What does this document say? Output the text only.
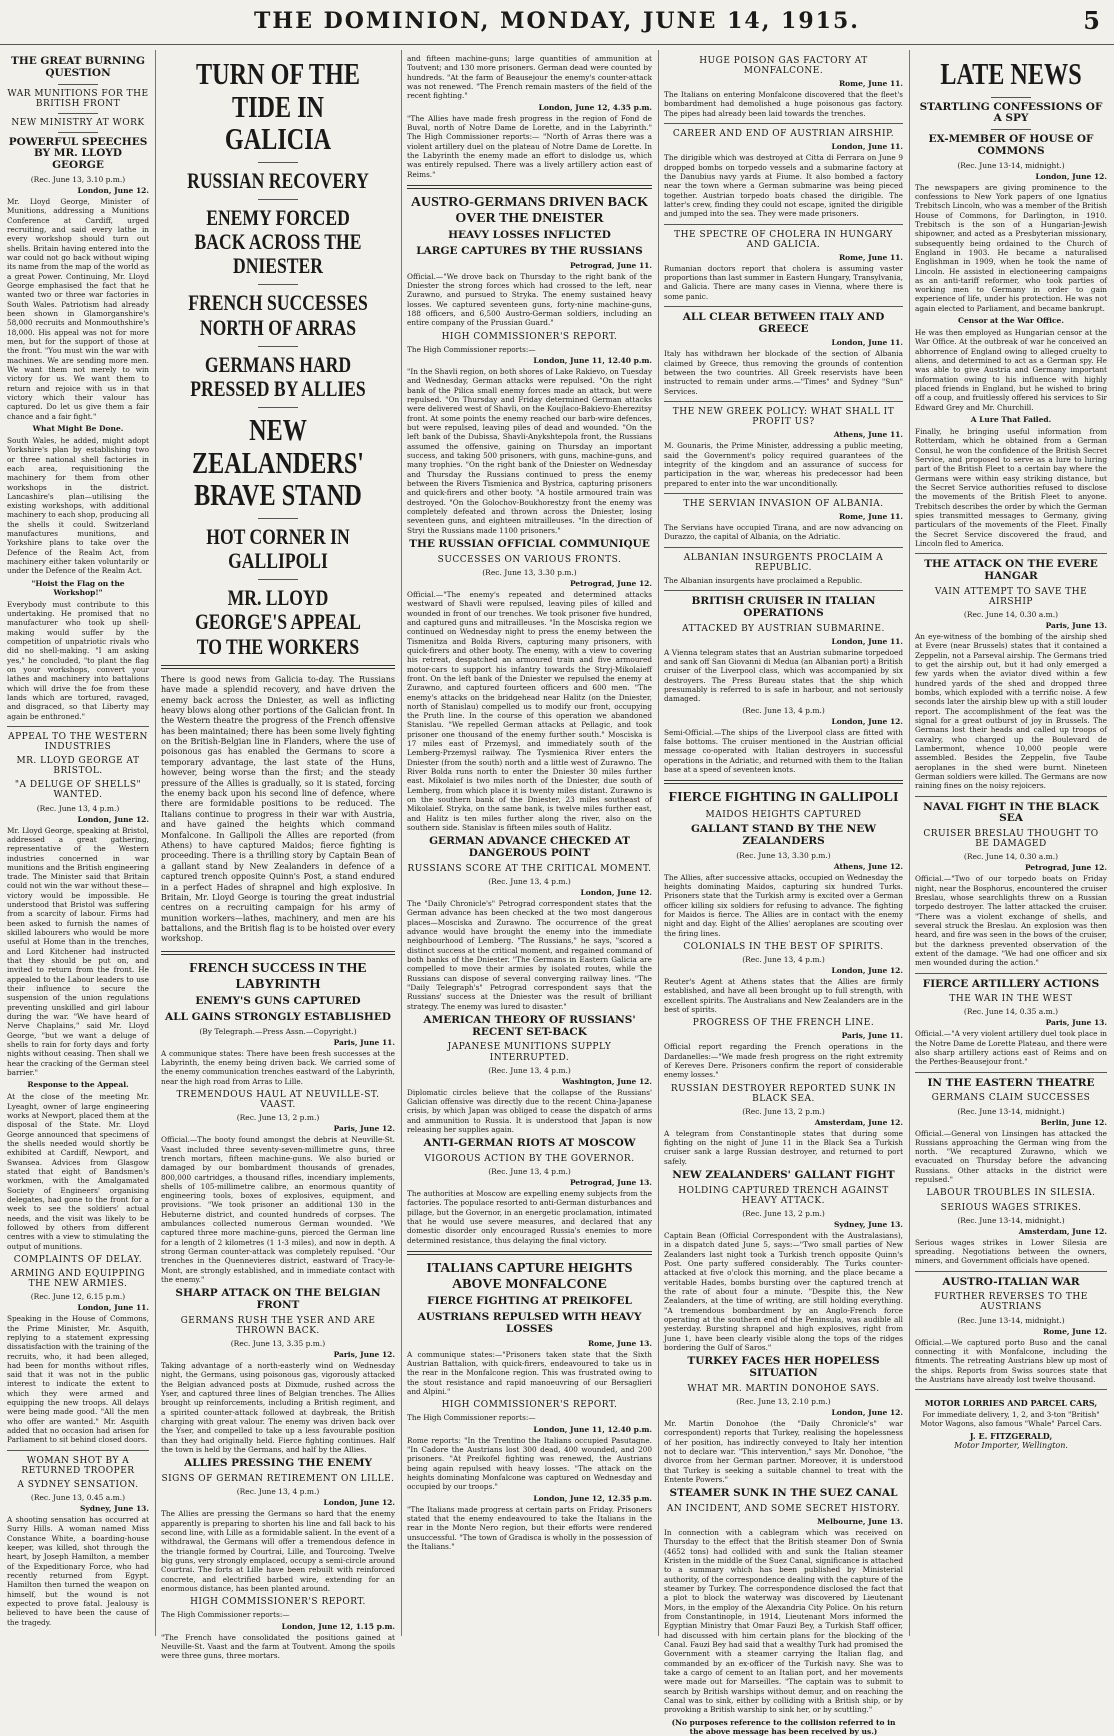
THE DOMINION, MONDAY, JUNE 14, 1915.	5
THE GREAT BURNING QUESTION
WAR MUNITIONS FOR THE BRITISH FRONT
NEW MINISTRY AT WORK
POWERFUL SPEECHES BY MR. LLOYD GEORGE
(Rec. June 13, 3.10 p.m.)
London, June 12.

Mr. Lloyd George, Minister of Munitions, addressing a Munitions Conference at Cardiff, urged recruiting, and said every lathe in every workshop should turn out shells. Britain having entered into the war could not go back without wiping its name from the map of the world as a great Power. Continuing, Mr. Lloyd George emphasised the fact that he wanted two or three war factories in South Wales. Patriotism had already been shown in Glamorganshire's 58,000 recruits and Monmouthshire's 18,000. His appeal was not for more men, but for the support of those at the front. "You must win the war with machines. We are sending more men. We want them not merely to win victory for us. We want them to return and rejoice with us in that victory which their valour has captured. Do let us give them a fair chance and a fair fight."

What Might Be Done.

South Wales, he added, might adopt Yorkshire's plan by establishing two or three national shell factories in each area, requisitioning the machinery for them from other workshops in the district. Lancashire's plan—utilising the existing workshops, with additional machinery to each shop, producing all the shells it could. Switzerland manufactures munitions, and Yorkshire plans to take over the Defence of the Realm Act, from machinery either taken voluntarily or under the Defence of the Realm Act.

"Hoist the Flag on the Workshop!"

Everybody must contribute to this undertaking. He promised that no manufacturer who took up shell-making would suffer by the competition of unpatriotic rivals who did no shell-making. "I am asking yes," he concluded, "to plant the flag on your workshops, convert your lathes and machinery into battalions which will drive the foe from these lands which are tortured, ravaged, and disgraced, so that Liberty may again be enthroned."

APPEAL TO THE WESTERN INDUSTRIES
MR. LLOYD GEORGE AT BRISTOL.
"A DELUGE OF SHELLS" WANTED.
(Rec. June 13, 4 p.m.)
London, June 12.

Mr. Lloyd George, speaking at Bristol, addressed a great gathering, representative of the Western industries concerned in war munitions and the British engineering trade. The Minister said that Britain could not win the war without these—victory would be impossible. He understood that Bristol was suffering from a scarcity of labour. Firms had been asked to furnish the names of skilled labourers who would be more useful at Home than in the trenches, and Lord Kitchener had instructed that they should be put on, and invited to return from the front. He appealed to the Labour leaders to use their influence to secure the suspension of the union regulations preventing unskilled and girl labour during the war. "We have heard of Nerve Chaplains," said Mr. Lloyd George, "but we want a deluge of shells to rain for forty days and forty nights without ceasing. Then shall we hear the cracking of the German steel barrier."

Response to the Appeal.

At the close of the meeting Mr. Lyeaght, owner of large engineering works at Newport, placed them at the disposal of the State. Mr. Lloyd George announced that specimens of the shells needed would shortly be exhibited at Cardiff, Newport, and Swansea. Advices from Glasgow stated that eight of Bandsmen's workmen, with the Amalgamated Society of Engineers' organising delegates, had gone to the front for a week to see the soldiers' actual needs, and the visit was likely to be followed by others from different centres with a view to stimulating the output of munitions.

COMPLAINTS OF DELAY.
ARMING AND EQUIPPING THE NEW ARMIES.
(Rec. June 12, 6.15 p.m.)
London, June 11.

Speaking in the House of Commons, the Prime Minister, Mr. Asquith, replying to a statement expressing dissatisfaction with the training of the recruits, who, it had been alleged, had been for months without rifles, said that it was not in the public interest to indicate the extent to which they were armed and equipping the new troops. All delays were being made good. "All the men who offer are wanted." Mr. Asquith added that no occasion had arisen for Parliament to sit behind closed doors.

WOMAN SHOT BY A RETURNED TROOPER
A SYDNEY SENSATION.
(Rec. June 13, 0.45 a.m.)
Sydney, June 13.

A shooting sensation has occurred at Surry Hills. A woman named Miss Constance White, a boarding-house keeper, was killed, shot through the heart, by Joseph Hamilton, a member of the Expeditionary Force, who had recently returned from Egypt. Hamilton then turned the weapon on himself, but the wound is not expected to prove fatal. Jealousy is believed to have been the cause of the tragedy.

TURN OF THE TIDE IN GALICIA
RUSSIAN RECOVERY
ENEMY FORCED BACK ACROSS THE DNIESTER
FRENCH SUCCESSES NORTH OF ARRAS
GERMANS HARD PRESSED BY ALLIES
NEW ZEALANDERS' BRAVE STAND
HOT CORNER IN GALLIPOLI
MR. LLOYD GEORGE'S APPEAL TO THE WORKERS

There is good news from Galicia to-day. The Russians have made a splendid recovery, and have driven the enemy back across the Dniester, as well as inflicting heavy blows along other portions of the Galician front. In the Western theatre the progress of the French offensive has been maintained; there has been some lively fighting on the British-Belgian line in Flanders, where the use of poisonous gas has enabled the Germans to score a temporary advantage, the last state of the Huns, however, being worse than the first; and the steady pressure of the Allies is gradually, so it is stated, forcing the enemy back upon his second line of defence, where there are formidable positions to be reduced. The Italians continue to progress in their war with Austria, and have gained the heights which command Monfalcone. In Gallipoli the Allies are reported (from Athens) to have captured Maidos; fierce fighting is proceeding. There is a thrilling story by Captain Bean of a gallant stand by New Zealanders in defence of a captured trench opposite Quinn's Post, a stand endured in a perfect Hades of shrapnel and high explosive. In Britain, Mr. Lloyd George is touring the great industrial centres on a recruiting campaign for his army of munition workers—lathes, machinery, and men are his battalions, and the British flag is to be hoisted over every workshop.

FRENCH SUCCESS IN THE LABYRINTH
ENEMY'S GUNS CAPTURED
ALL GAINS STRONGLY ESTABLISHED
(By Telegraph.—Press Assn.—Copyright.)
Paris, June 11.

A communique states: There have been fresh successes at the Labyrinth, the enemy being driven back. We carried some of the enemy communication trenches eastward of the Labyrinth, near the high road from Arras to Lille.

TREMENDOUS HAUL AT NEUVILLE-ST. VAAST.
(Rec. June 13, 2 p.m.)
Paris, June 12.

Official.—The booty found amongst the debris at Neuville-St. Vaast included three seventy-seven-millimetre guns, three trench mortars, fifteen machine-guns. We also buried or damaged by our bombardment thousands of grenades, 800,000 cartridges, a thousand rifles, incendiary implements, shells of 105-millimetre calibre, an enormous quantity of engineering tools, boxes of explosives, equipment, and provisions. "We took prisoner an additional 130 in the Hebuterne district, and counted hundreds of corpses. The ambulances collected numerous German wounded. "We captured three more machine-guns, pierced the German line for a length of 2 kilometres (1 1-3 miles), and now in depth. A strong German counter-attack was completely repulsed. "Our trenches in the Quennevieres district, eastward of Tracy-le-Mont, are strongly established, and in immediate contact with the enemy."

SHARP ATTACK ON THE BELGIAN FRONT
GERMANS RUSH THE YSER AND ARE THROWN BACK.
(Rec. June 13, 3.35 p.m.)
Paris, June 12.

Taking advantage of a north-easterly wind on Wednesday night, the Germans, using poisonous gas, vigorously attacked the Belgian advanced posts at Dixmude, rushed across the Yser, and captured three lines of Belgian trenches. The Allies brought up reinforcements, including a British regiment, and a spirited counter-attack followed at daybreak, the British charging with great valour. The enemy was driven back over the Yser, and compelled to take up a less favourable position than they had originally held. Fierce fighting continues. Half the town is held by the Germans, and half by the Allies.

ALLIES PRESSING THE ENEMY
SIGNS OF GERMAN RETIREMENT ON LILLE.
(Rec. June 13, 4 p.m.)
London, June 12.

The Allies are pressing the Germans so hard that the enemy apparently is preparing to shorten his line and fall back to his second line, with Lille as a formidable salient. In the event of a withdrawal, the Germans will offer a tremendous defence in the triangle formed by Courtrai, Lille, and Tourcoing. Twelve big guns, very strongly emplaced, occupy a semi-circle around Courtrai. The forts at Lille have been rebuilt with reinforced concrete, and electrified barbed wire, extending for an enormous distance, has been planted around.

HIGH COMMISSIONER'S REPORT.

The High Commissioner reports:—

London, June 12, 1.15 p.m.

"The French have consolidated the positions gained at Neuville-St. Vaast and the farm at Toutvent. Among the spoils were three guns, three mortars.

and fifteen machine-guns; large quantities of ammunition at Toutvent; and 130 more prisoners. German dead were counted by hundreds. "At the farm of Beausejour the enemy's counter-attack was not renewed. "The French remain masters of the field of the recent fighting."

London, June 12, 4.35 p.m.

"The Allies have made fresh progress in the region of Fond de Buval, north of Notre Dame de Lorette, and in the Labyrinth." The High Commissioner reports:— "North of Arras there was a violent artillery duel on the plateau of Notre Dame de Lorette. In the Labyrinth the enemy made an effort to dislodge us, which was entirely repulsed. There was a lively artillery action east of Reims."

AUSTRO-GERMANS DRIVEN BACK OVER THE DNEISTER
HEAVY LOSSES INFLICTED
LARGE CAPTURES BY THE RUSSIANS
Petrograd, June 11.

Official.—"We drove back on Thursday to the right bank of the Dniester the strong forces which had crossed to the left, near Zurawno, and pursued to Stryka. The enemy sustained heavy losses. We captured seventeen guns, forty-nine machine-guns, 188 officers, and 6,500 Austro-German soldiers, including an entire company of the Prussian Guard."

HIGH COMMISSIONER'S REPORT.

The High Commissioner reports:—

London, June 11, 12.40 p.m.

"In the Shavli region, on both shores of Lake Rakievo, on Tuesday and Wednesday, German attacks were repulsed. "On the right bank of the Pilica small enemy forces made an attack, but were repulsed. "On Thursday and Friday determined German attacks were delivered west of Shavli, on the Koujlaco-Bakievo-Eherezitsy front. At some points the enemy reached our barb-wire defences, but were repulsed, leaving piles of dead and wounded. "On the left bank of the Dubissa, Shavli-Anykshtepola front, the Russians assumed the offensive, gaining on Thursday an important success, and taking 500 prisoners, with guns, machine-guns, and many trophies. "On the right bank of the Dniester on Wednesday and Thursday the Russians continued to press the enemy between the Rivers Tismienica and Bystrica, capturing prisoners and quick-firers and other booty. "A hostile armoured train was destroyed. "On the Golochov-Boukhorestzy front the enemy was completely defeated and thrown across the Dniester, losing seventeen guns, and eighteen mitrailleuses. "In the direction of Stryi the Russians made 1100 prisoners."

THE RUSSIAN OFFICIAL COMMUNIQUE
SUCCESSES ON VARIOUS FRONTS.
(Rec. June 13, 3.30 p.m.)
Petrograd, June 12.

Official.—"The enemy's repeated and determined attacks westward of Shavli were repulsed, leaving piles of killed and wounded in front of our trenches. We took prisoner five hundred, and captured guns and mitrailleuses. "In the Mosciska region we continued on Wednesday night to press the enemy between the Tismenitza and Bolda Rivers, capturing many prisoners, with quick-firers and other booty. The enemy, with a view to covering his retreat, despatched an armoured train and five armoured motor-cars to support his infantry towards the Stryj-Mikolaieff front. On the left bank of the Dniester we repulsed the enemy at Zurawno, and captured fourteen officers and 600 men. "The enemy's attacks on the bridgehead near Halitz (on the Dniester, north of Stanislau) compelled us to modify our front, occupying the Pruth line. In the course of this operation we abandoned Stanislau. "We repelled German attacks at Pellagic, and took prisoner one thousand of the enemy further south." Mosciska is 17 miles east of Przemysl, and immediately south of the Lemberg-Przemysl railway. The Tysmienica River enters the Dniester (from the south) north and a little west of Zurawno. The River Bolda runs north to enter the Dniester 30 miles further east. Mikolaief is two miles north of the Dniester, due south of Lemberg, from which place it is twenty miles distant. Zurawno is on the southern bank of the Dniester, 23 miles southeast of Mikolaief. Stryka, on the same bank, is twelve miles further east, and Halitz is ten miles further along the river, also on the southern side. Stanislav is fifteen miles south of Halitz.

GERMAN ADVANCE CHECKED AT DANGEROUS POINT
RUSSIANS SCORE AT THE CRITICAL MOMENT.
(Rec. June 13, 4 p.m.)
London, June 12.

The "Daily Chronicle's" Petrograd correspondent states that the German advance has been checked at the two most dangerous places—Mosciska and Zurawno. The occurrence of the great advance would have brought the enemy into the immediate neighbourhood of Lemberg. "The Russians," he says, "scored a distinct success at the critical moment, and regained command of both banks of the Dniester. "The Germans in Eastern Galicia are compelled to move their armies by isolated routes, while the Russians can dispose of several converging railway lines. "The "Daily Telegraph's" Petrograd correspondent says that the Russians' success at the Dniester was the result of brilliant strategy. The enemy was lured to disaster."

AMERICAN THEORY OF RUSSIANS' RECENT SET-BACK
JAPANESE MUNITIONS SUPPLY INTERRUPTED.
(Rec. June 13, 4 p.m.)
Washington, June 12.

Diplomatic circles believe that the collapse of the Russians' Galician offensive was directly due to the recent China-Japanese crisis, by which Japan was obliged to cease the dispatch of arms and ammunition to Russia. It is understood that Japan is now releasing her supplies again.

ANTI-GERMAN RIOTS AT MOSCOW
VIGOROUS ACTION BY THE GOVERNOR.
(Rec. June 13, 4 p.m.)
Petrograd, June 13.

The authorities at Moscow are expelling enemy subjects from the factories. The populace resorted to anti-German disturbances and pillage, but the Governor, in an energetic proclamation, intimated that he would use severe measures, and declared that any domestic disorder only encouraged Russia's enemies to more determined resistance, thus delaying the final victory.

ITALIANS CAPTURE HEIGHTS ABOVE MONFALCONE
FIERCE FIGHTING AT PREIKOFEL
AUSTRIANS REPULSED WITH HEAVY LOSSES
Rome, June 13.

A communique states:—"Prisoners taken state that the Sixth Austrian Battalion, with quick-firers, endeavoured to take us in the rear in the Monfalcone region. This was frustrated owing to the stout resistance and rapid manoeuvring of our Bersaglieri and Alpini."

HIGH COMMISSIONER'S REPORT.

The High Commissioner reports:—

London, June 11, 12.40 p.m.

Rome reports: "In the Trentino the Italians occupied Pasutagne. "In Cadore the Austrians lost 300 dead, 400 wounded, and 200 prisoners. "At Preikofel fighting was renewed, the Austrians being again repulsed with heavy losses. "The attack on the heights dominating Monfalcone was captured on Wednesday and occupied by our troops."

London, June 12, 12.35 p.m.

"The Italians made progress at certain parts on Friday. Prisoners stated that the enemy endeavoured to take the Italians in the rear in the Monte Nero region, but their efforts were rendered unsuccessful. "The town of Gradisca is wholly in the possession of the Italians."

HUGE POISON GAS FACTORY AT MONFALCONE.
Rome, June 11.

The Italians on entering Monfalcone discovered that the fleet's bombardment had demolished a huge poisonous gas factory. The pipes had already been laid towards the trenches.

CAREER AND END OF AUSTRIAN AIRSHIP.
London, June 11.

The dirigible which was destroyed at Citta di Ferrara on June 9 dropped bombs on torpedo vessels and a submarine factory at the Danubius navy yards at Fiume. It also bombed a factory near the town where a German submarine was being pieced together. Austrian torpedo boats chased the dirigible. The latter's crew, finding they could not escape, ignited the dirigible and jumped into the sea. They were made prisoners.

THE SPECTRE OF CHOLERA IN HUNGARY AND GALICIA.
Rome, June 11.

Rumanian doctors report that cholera is assuming vaster proportions than last summer in Eastern Hungary, Transylvania, and Galicia. There are many cases in Vienna, where there is some panic.

ALL CLEAR BETWEEN ITALY AND GREECE
London, June 11.

Italy has withdrawn her blockade of the section of Albania claimed by Greece, thus removing the grounds of contention between the two countries. All Greek reservists have been instructed to remain under arms.—"Times" and Sydney "Sun" Services.

THE NEW GREEK POLICY: WHAT SHALL IT PROFIT US?
Athens, June 11.

M. Gounaris, the Prime Minister, addressing a public meeting, said the Government's policy required guarantees of the integrity of the kingdom and an assurance of success for participation in the war, whereas his predecessor had been prepared to enter into the war unconditionally.

THE SERVIAN INVASION OF ALBANIA.
Rome, June 11.

The Servians have occupied Tirana, and are now advancing on Durazzo, the capital of Albania, on the Adriatic.

ALBANIAN INSURGENTS PROCLAIM A REPUBLIC.

The Albanian insurgents have proclaimed a Republic.

BRITISH CRUISER IN ITALIAN OPERATIONS
ATTACKED BY AUSTRIAN SUBMARINE.
London, June 11.

A Vienna telegram states that an Austrian submarine torpedoed and sank off San Giovanni di Medua (an Albanian port) a British cruiser of the Liverpool class, which was accompanied by six destroyers. The Press Bureau states that the ship which presumably is referred to is safe in harbour, and not seriously damaged.

(Rec. June 13, 4 p.m.)
London, June 12.

Semi-Official.—The ships of the Liverpool class are fitted with false bottoms. The cruiser mentioned in the Austrian official message co-operated with Italian destroyers in successful operations in the Adriatic, and returned with them to the Italian base at a speed of seventeen knots.

FIERCE FIGHTING IN GALLIPOLI
MAIDOS HEIGHTS CAPTURED
GALLANT STAND BY THE NEW ZEALANDERS
(Rec. June 13, 3.30 p.m.)
Athens, June 12.

The Allies, after successive attacks, occupied on Wednesday the heights dominating Maidos, capturing six hundred Turks. Prisoners state that the Turkish army is excited over a German officer killing six soldiers for refusing to advance. The fighting for Maidos is fierce. The Allies are in contact with the enemy night and day. Eight of the Allies' aeroplanes are scouting over the firing lines.

COLONIALS IN THE BEST OF SPIRITS.
(Rec. June 13, 4 p.m.)
London, June 12.

Reuter's Agent at Athens states that the Allies are firmly established, and have all been brought up to full strength, with excellent spirits. The Australians and New Zealanders are in the best of spirits.

PROGRESS OF THE FRENCH LINE.
Paris, June 11.

Official report regarding the French operations in the Dardanelles:—"We made fresh progress on the right extremity of Kereves Dere. Prisoners confirm the report of considerable enemy losses."

RUSSIAN DESTROYER REPORTED SUNK IN BLACK SEA.
(Rec. June 13, 2 p.m.)
Amsterdam, June 12.

A telegram from Constantinople states that during some fighting on the night of June 11 in the Black Sea a Turkish cruiser sank a large Russian destroyer, and returned to port safely.

NEW ZEALANDERS' GALLANT FIGHT
HOLDING CAPTURED TRENCH AGAINST HEAVY ATTACK.
(Rec. June 13, 2 p.m.)
Sydney, June 13.

Captain Bean (Official Correspondent with the Australasians), in a dispatch dated June 5, says:—"Two small parties of New Zealanders last night took a Turkish trench opposite Quinn's Post. One party suffered considerably. The Turks counter-attacked at five o'clock this morning, and the place became a veritable Hades, bombs bursting over the captured trench at the rate of about four a minute. "Despite this, the New Zealanders, at the time of writing, are still holding everything. "A tremendous bombardment by an Anglo-French force operating at the southern end of the Peninsula, was audible all yesterday. Bursting shrapnel and high explosives, right from June 1, have been clearly visible along the tops of the ridges bordering the Gulf of Saros."

TURKEY FACES HER HOPELESS SITUATION
WHAT MR. MARTIN DONOHOE SAYS.
(Rec. June 13, 2.10 p.m.)
London, June 12.

Mr. Martin Donohoe (the "Daily Chronicle's" war correspondent) reports that Turkey, realising the hopelessness of her position, has indirectly conveyed to Italy her intention not to declare war. "This intervention," says Mr. Donohoe, "the divorce from her German partner. Moreover, it is understood that Turkey is seeking a suitable channel to treat with the Entente Powers."

STEAMER SUNK IN THE SUEZ CANAL
AN INCIDENT, AND SOME SECRET HISTORY.
Melbourne, June 13.

In connection with a cablegram which was received on Thursday to the effect that the British steamer Don of Swnia (4652 tons) had collided with and sunk the Italian steamer Kristen in the middle of the Suez Canal, significance is attached to a summary which has been published by Ministerial authority, of the correspondence dealing with the capture of the steamer by Turkey. The correspondence disclosed the fact that a plot to block the waterway was discovered by Lieutenant Mors, in the employ of the Alexandria City Police. On his return from Constantinople, in 1914, Lieutenant Mors informed the Egyptian Ministry that Omar Fauzi Bey, a Turkish Staff officer, had discussed with him certain plans for the blocking of the Canal. Fauzi Bey had said that a wealthy Turk had promised the Government with a steamer carrying the Italian flag, and commanded by an ex-officer of the Turkish navy. She was to take a cargo of cement to an Italian port, and her movements were made out for Marseilles. "The captain was to submit to search by British warships without demur, and on reaching the Canal was to sink, either by colliding with a British ship, or by provoking a British warship to sink her, or by scuttling."

(No purposes reference to the collision referred to in the above message has been received by us.)
LATE NEWS
STARTLING CONFESSIONS OF A SPY
EX-MEMBER OF HOUSE OF COMMONS
(Rec. June 13-14, midnight.)
London, June 12.

The newspapers are giving prominence to the confessions to New York papers of one Ignatius Trebitsch Lincoln, who was a member of the British House of Commons, for Darlington, in 1910. Trebitsch is the son of a Hungarian-Jewish shipowner, and acted as a Presbyterian missionary, subsequently being ordained to the Church of England in 1903. He became a naturalised Englishman in 1909, when he took the name of Lincoln. He assisted in electioneering campaigns as an anti-tariff reformer, who took parties of working men to Germany in order to gain experience of life, under his protection. He was not again elected to Parliament, and became bankrupt.

Censor at the War Office.

He was then employed as Hungarian censor at the War Office. At the outbreak of war he conceived an abhorrence of England owing to alleged cruelty to aliens, and determined to act as a German spy. He was able to give Austria and Germany important information owing to his influence with highly placed friends in England, but he wished to bring off a coup, and fruitlessly offered his services to Sir Edward Grey and Mr. Churchill.

A Lure That Failed.

Finally, he bringing useful information from Rotterdam, which he obtained from a German Consul, he won the confidence of the British Secret Service, and proposed to serve as a lure to luring part of the British Fleet to a certain bay where the Germans were within easy striking distance, but the Secret Service authorities refused to disclose the movements of the British Fleet to anyone. Trebitsch describes the order by which the German spies transmitted messages to Germany, giving particulars of the movements of the Fleet. Finally the Secret Service discovered the fraud, and Lincoln fled to America.

THE ATTACK ON THE EVERE HANGAR
VAIN ATTEMPT TO SAVE THE AIRSHIP
(Rec. June 14, 0.30 a.m.)
Paris, June 13.

An eye-witness of the bombing of the airship shed at Evere (near Brussels) states that it contained a Zeppelin, not a Parseval airship. The Germans tried to get the airship out, but it had only emerged a few yards when the aviator dived within a few hundred yards of the shed and dropped three bombs, which exploded with a terrific noise. A few seconds later the airship blew up with a still louder report. The accomplishment of the feat was the signal for a great outburst of joy in Brussels. The Germans lost their heads and called up troops of cavalry, who charged up the Boulevard de Lambermont, whence 10,000 people were assembled. Besides the Zeppelin, five Taube aeroplanes in the shed were burnt. Nineteen German soldiers were killed. The Germans are now raining fines on the noisy rejoicers.

NAVAL FIGHT IN THE BLACK SEA
CRUISER BRESLAU THOUGHT TO BE DAMAGED
(Rec. June 14, 0.30 a.m.)
Petrograd, June 12.

Official.—"Two of our torpedo boats on Friday night, near the Bosphorus, encountered the cruiser Breslau, whose searchlights threw on a Russian torpedo destroyer. The latter attacked the cruiser. "There was a violent exchange of shells, and several struck the Breslau. An explosion was then heard, and fire was seen in the bows of the cruiser, but the darkness prevented observation of the extent of the damage. "We had one officer and six men wounded during the action."

FIERCE ARTILLERY ACTIONS
THE WAR IN THE WEST
(Rec. June 14, 0.35 a.m.)
Paris, June 13.

Official.—"A very violent artillery duel took place in the Notre Dame de Lorette Plateau, and there were also sharp artillery actions east of Reims and on the Perthes-Beausejour front."

IN THE EASTERN THEATRE
GERMANS CLAIM SUCCESSES
(Rec. June 13-14, midnight.)
Berlin, June 12.

Official.—General von Linsingen has attacked the Russians approaching the German wing from the north. "We recaptured Zurawno, which we evacuated on Thursday before the advancing Russians. Other attacks in the district were repulsed."

LABOUR TROUBLES IN SILESIA.
SERIOUS WAGES STRIKES.
(Rec. June 13-14, midnight.)
Amsterdam, June 12.

Serious wages strikes in Lower Silesia are spreading. Negotiations between the owners, miners, and Government officials have opened.

AUSTRO-ITALIAN WAR
FURTHER REVERSES TO THE AUSTRIANS
(Rec. June 13-14, midnight.)
Rome, June 12.

Official.—We captured porto Buso and the canal connecting it with Monfalcone, including the fitments. The retreating Austrians blew up most of the ships. Reports from Swiss sources state that the Austrians have already lost twelve thousand.

MOTOR LORRIES AND PARCEL CARS,
For immediate delivery, 1, 2, and 3-ton "British" Motor Wagons, also famous "Whale" Parcel Cars.
J. E. FITZGERALD,
Motor Importer, Wellington.
